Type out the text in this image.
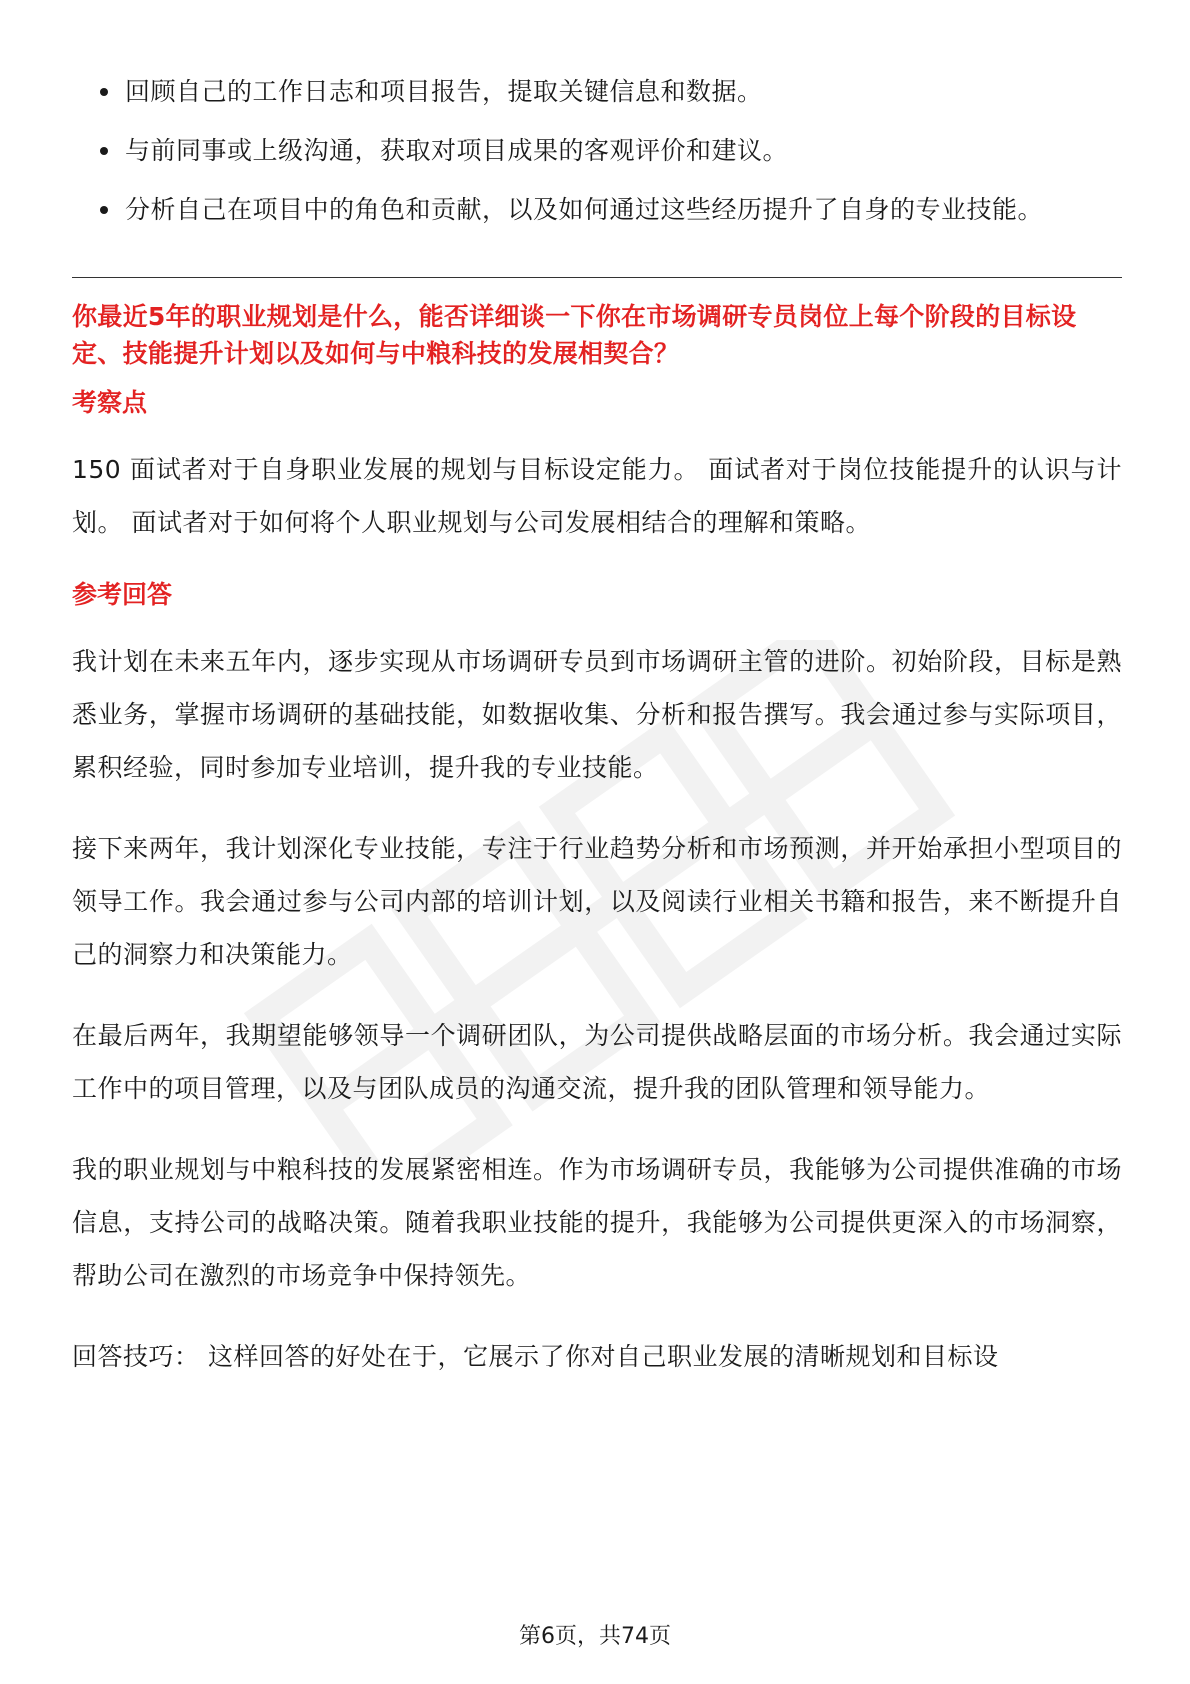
回顾自己的工作日志和项目报告，提取关键信息和数据。
与前同事或上级沟通，获取对项目成果的客观评价和建议。
分析自己在项目中的角色和贡献，以及如何通过这些经历提升了自身的专业技能。

你最近5年的职业规划是什么，能否详细谈一下你在市场调研专员岗位上每个阶段的目标设定、技能提升计划以及如何与中粮科技的发展相契合？

考察点

150 面试者对于自身职业发展的规划与目标设定能力。 面试者对于岗位技能提升的认识与计划。 面试者对于如何将个人职业规划与公司发展相结合的理解和策略。

参考回答

我计划在未来五年内，逐步实现从市场调研专员到市场调研主管的进阶。初始阶段，目标是熟悉业务，掌握市场调研的基础技能，如数据收集、分析和报告撰写。我会通过参与实际项目，累积经验，同时参加专业培训，提升我的专业技能。

接下来两年，我计划深化专业技能，专注于行业趋势分析和市场预测，并开始承担小型项目的领导工作。我会通过参与公司内部的培训计划，以及阅读行业相关书籍和报告，来不断提升自己的洞察力和决策能力。

在最后两年，我期望能够领导一个调研团队，为公司提供战略层面的市场分析。我会通过实际工作中的项目管理，以及与团队成员的沟通交流，提升我的团队管理和领导能力。

我的职业规划与中粮科技的发展紧密相连。作为市场调研专员，我能够为公司提供准确的市场信息，支持公司的战略决策。随着我职业技能的提升，我能够为公司提供更深入的市场洞察，帮助公司在激烈的市场竞争中保持领先。

回答技巧： 这样回答的好处在于，它展示了你对自己职业发展的清晰规划和目标设

第6页，共74页
